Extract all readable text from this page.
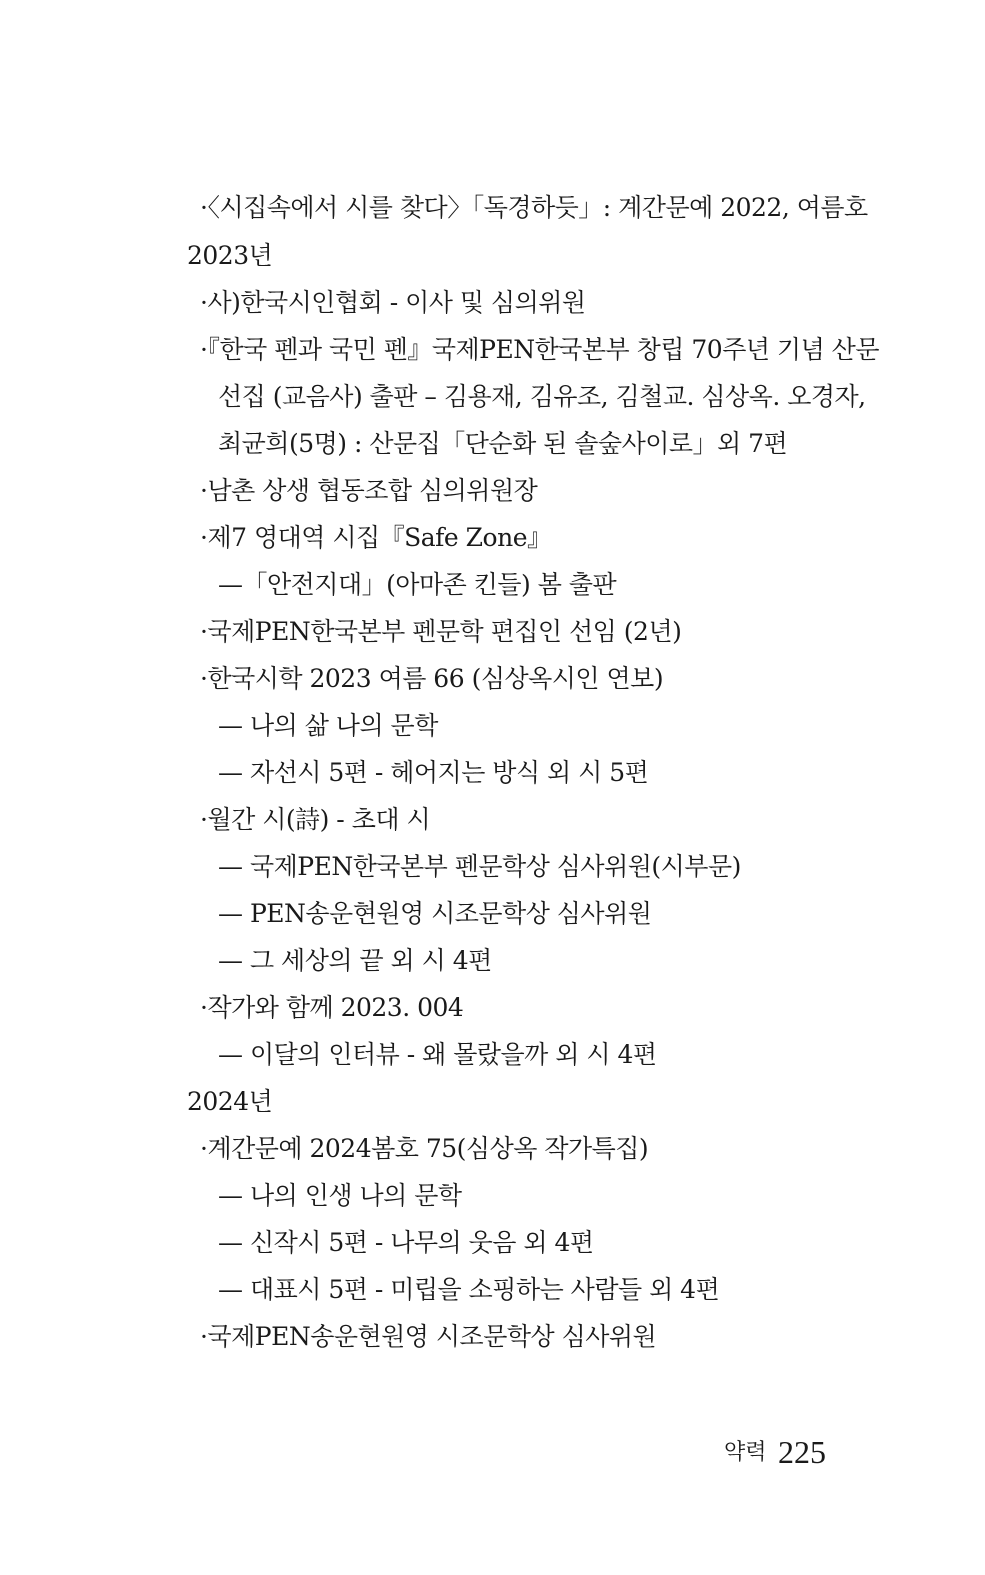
·〈시집속에서 시를 찾다〉「독경하듯」: 계간문예 2022, 여름호
2023년
·사)한국시인협회 - 이사 및 심의위원
·『한국 펜과 국민 펜』국제PEN한국본부 창립 70주년 기념 산문
선집 (교음사) 출판 – 김용재, 김유조, 김철교. 심상옥. 오경자,
최균희(5명) : 산문집「단순화 된 솔숲사이로」외 7편
·남촌 상생 협동조합 심의위원장
·제7 영대역 시집『Safe Zone』
—「안전지대」(아마존 킨들) 봄 출판
·국제PEN한국본부 펜문학 편집인 선임 (2년)
·한국시학 2023 여름 66 (심상옥시인 연보)
— 나의 삶 나의 문학
— 자선시 5편 - 헤어지는 방식 외 시 5편
·월간 시(詩) - 초대 시
— 국제PEN한국본부 펜문학상 심사위원(시부문)
— PEN송운현원영 시조문학상 심사위원
— 그 세상의 끝 외 시 4편
·작가와 함께 2023. 004
— 이달의 인터뷰 - 왜 몰랐을까 외 시 4편
2024년
·계간문예 2024봄호 75(심상옥 작가특집)
— 나의 인생 나의 문학
— 신작시 5편 - 나무의 웃음 외 4편
— 대표시 5편 - 미립을 소핑하는 사람들 외 4편
·국제PEN송운현원영 시조문학상 심사위원
약력 225
